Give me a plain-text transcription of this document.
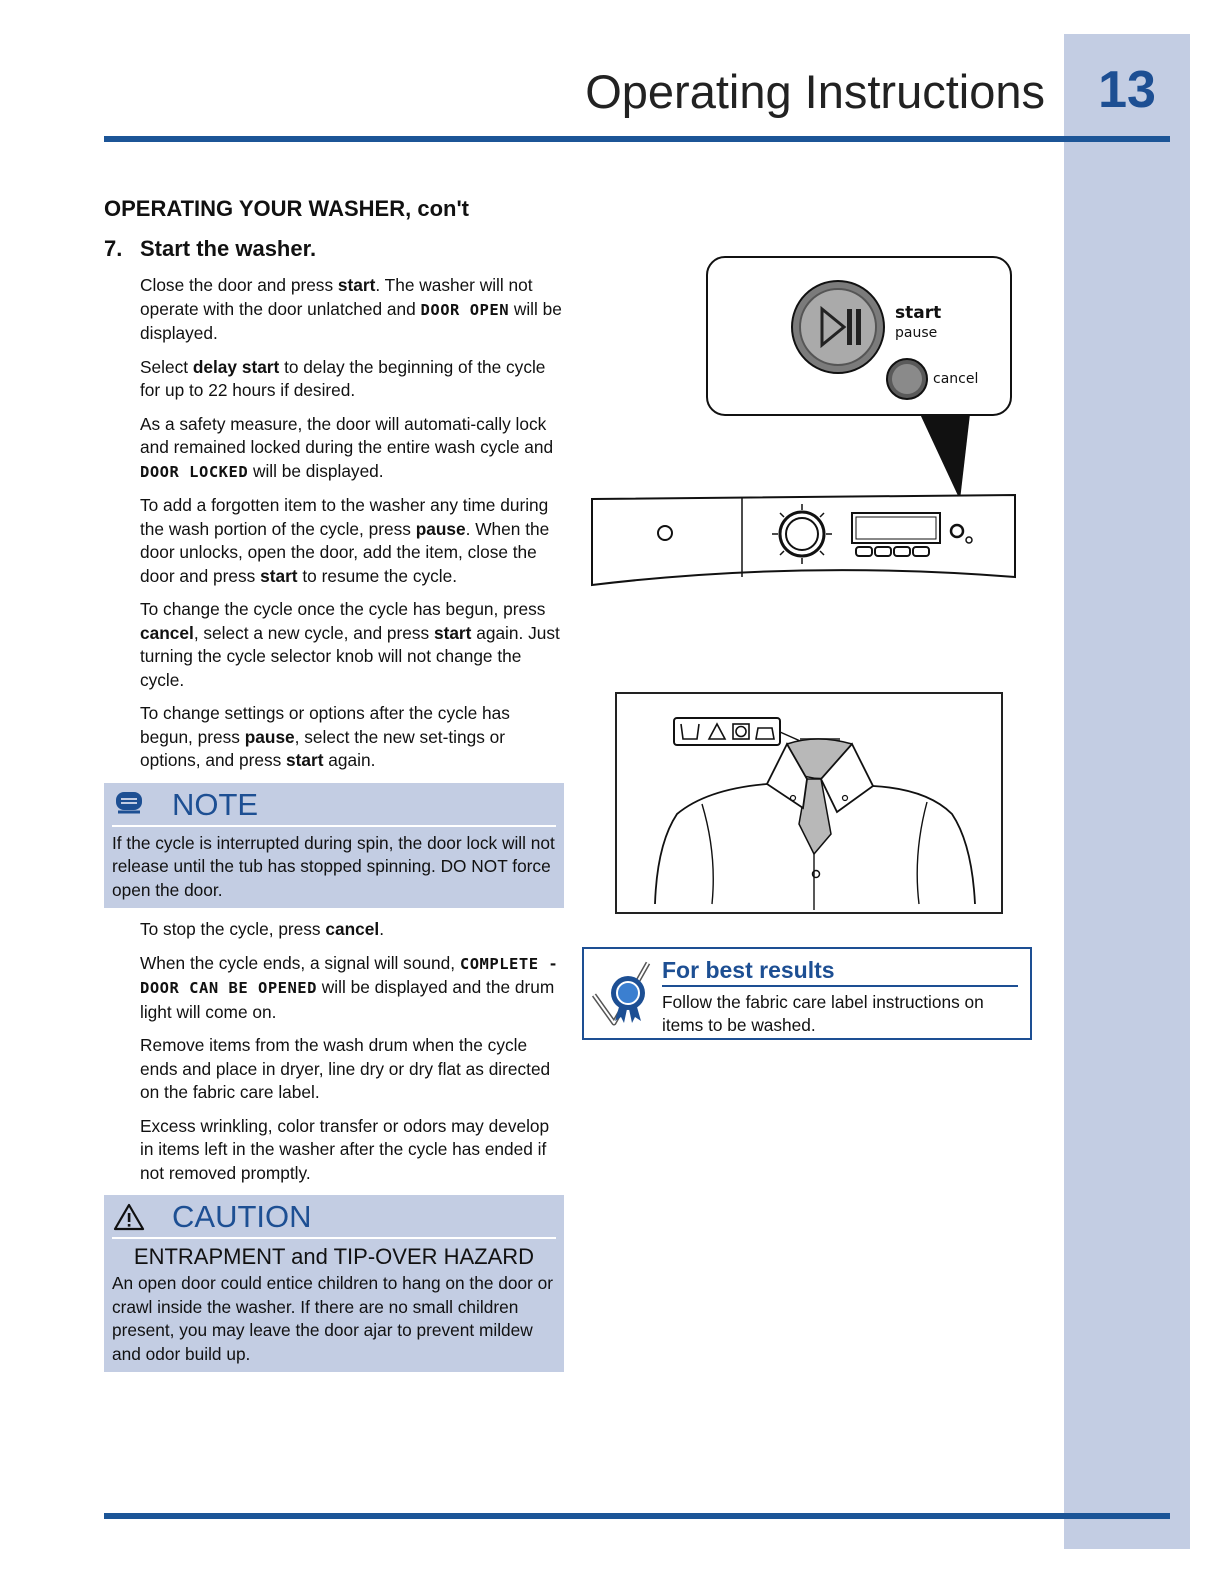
13
Operating Instructions
OPERATING YOUR WASHER, con't
7. Start the washer.

Close the door and press start. The washer will not operate with the door unlatched and DOOR OPEN will be displayed.

Select delay start to delay the beginning of the cycle for up to 22 hours if desired.

As a safety measure, the door will automati-cally lock and remained locked during the entire wash cycle and DOOR LOCKED will be displayed.

To add a forgotten item to the washer any time during the wash portion of the cycle, press pause. When the door unlocks, open the door, add the item, close the door and press start to resume the cycle.

To change the cycle once the cycle has begun, press cancel, select a new cycle, and press start again. Just turning the cycle selector knob will not change the cycle.

To change settings or options after the cycle has begun, press pause, select the new set-tings or options, and press start again.

NOTE
If the cycle is interrupted during spin, the door lock will not release until the tub has stopped spinning. DO NOT force open the door.

To stop the cycle, press cancel.

When the cycle ends, a signal will sound, COMPLETE - DOOR CAN BE OPENED will be displayed and the drum light will come on.

Remove items from the wash drum when the cycle ends and place in dryer, line dry or dry flat as directed on the fabric care label.

Excess wrinkling, color transfer or odors may develop in items left in the washer after the cycle has ended if not removed promptly.

CAUTION
ENTRAPMENT and TIP-OVER HAZARD
An open door could entice children to hang on the door or crawl inside the washer. If there are no small children present, you may leave the door ajar to prevent mildew and odor build up.
start
pause
cancel
For best results
Follow the fabric care label instructions on items to be washed.
